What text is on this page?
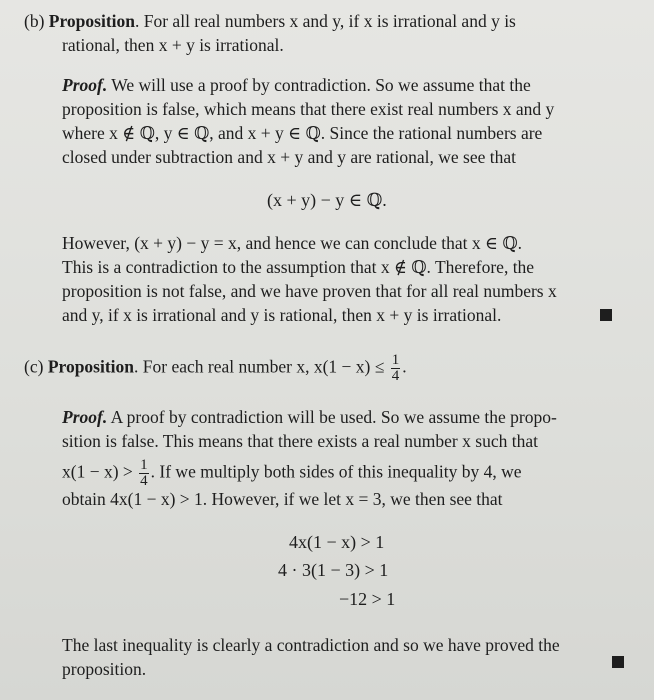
(b) Proposition. For all real numbers x and y, if x is irrational and y is
rational, then x + y is irrational.
Proof. We will use a proof by contradiction. So we assume that the
proposition is false, which means that there exist real numbers x and y
where x ∉ ℚ, y ∈ ℚ, and x + y ∈ ℚ. Since the rational numbers are
closed under subtraction and x + y and y are rational, we see that
(x + y) − y ∈ ℚ.
However, (x + y) − y = x, and hence we can conclude that x ∈ ℚ.
This is a contradiction to the assumption that x ∉ ℚ. Therefore, the
proposition is not false, and we have proven that for all real numbers x
and y, if x is irrational and y is rational, then x + y is irrational.
(c) Proposition. For each real number x, $x(1 - x) \le \frac{1}{4}$ .
Proof. A proof by contradiction will be used. So we assume the propo-
sition is false. This means that there exists a real number x such that
$x(1 - x) > \frac{1}{4}$ . If we multiply both sides of this inequality by 4, we
obtain 4x(1 − x) > 1. However, if we let x = 3, we then see that
4x(1 − x) > 1
4 · 3(1 − 3) > 1
−12 > 1
The last inequality is clearly a contradiction and so we have proved the
proposition.
